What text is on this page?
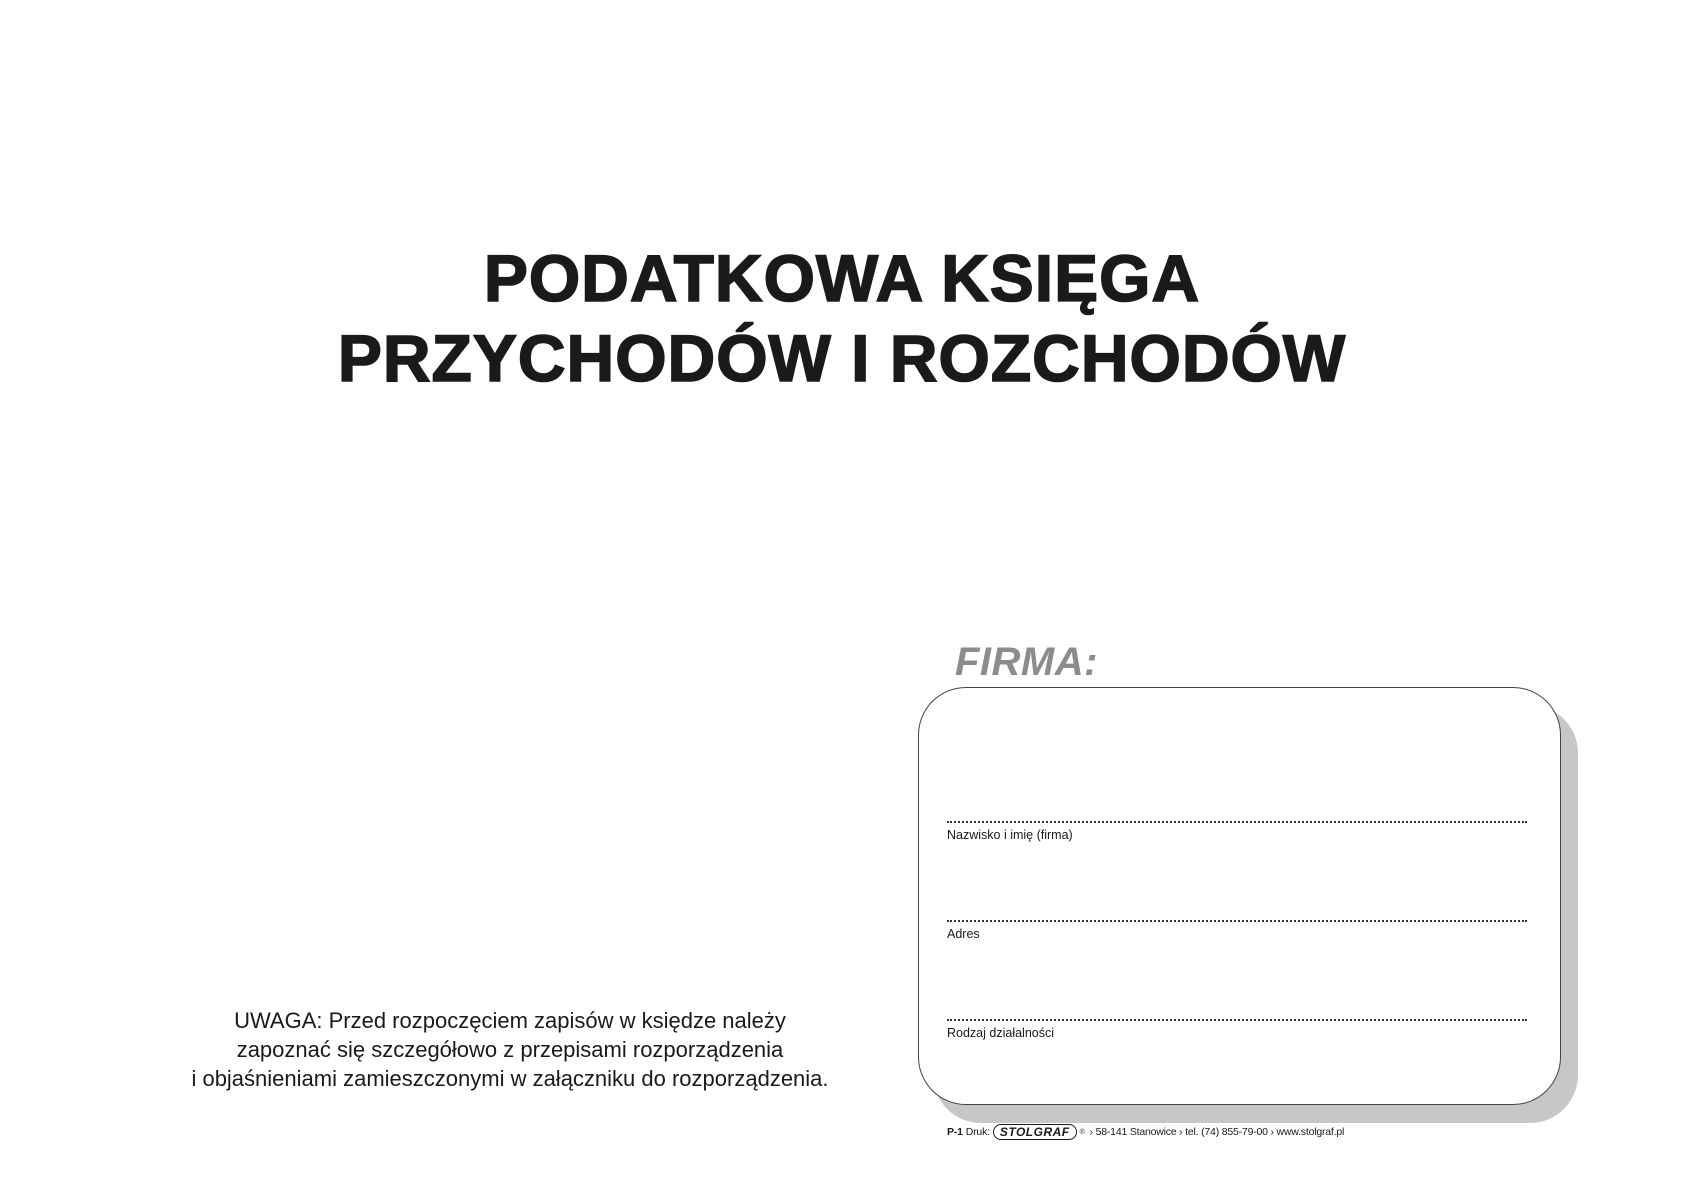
PODATKOWA KSIĘGA
PRZYCHODÓW I ROZCHODÓW
FIRMA:
Nazwisko i imię (firma)
Adres
Rodzaj działalności
UWAGA: Przed rozpoczęciem zapisów w księdze należy
zapoznać się szczegółowo z przepisami rozporządzenia
i objaśnieniami zamieszczonymi w załączniku do rozporządzenia.
P-1 Druk: STOLGRAF	® › 58-141 Stanowice › tel. (74) 855-79-00 › www.stolgraf.pl
